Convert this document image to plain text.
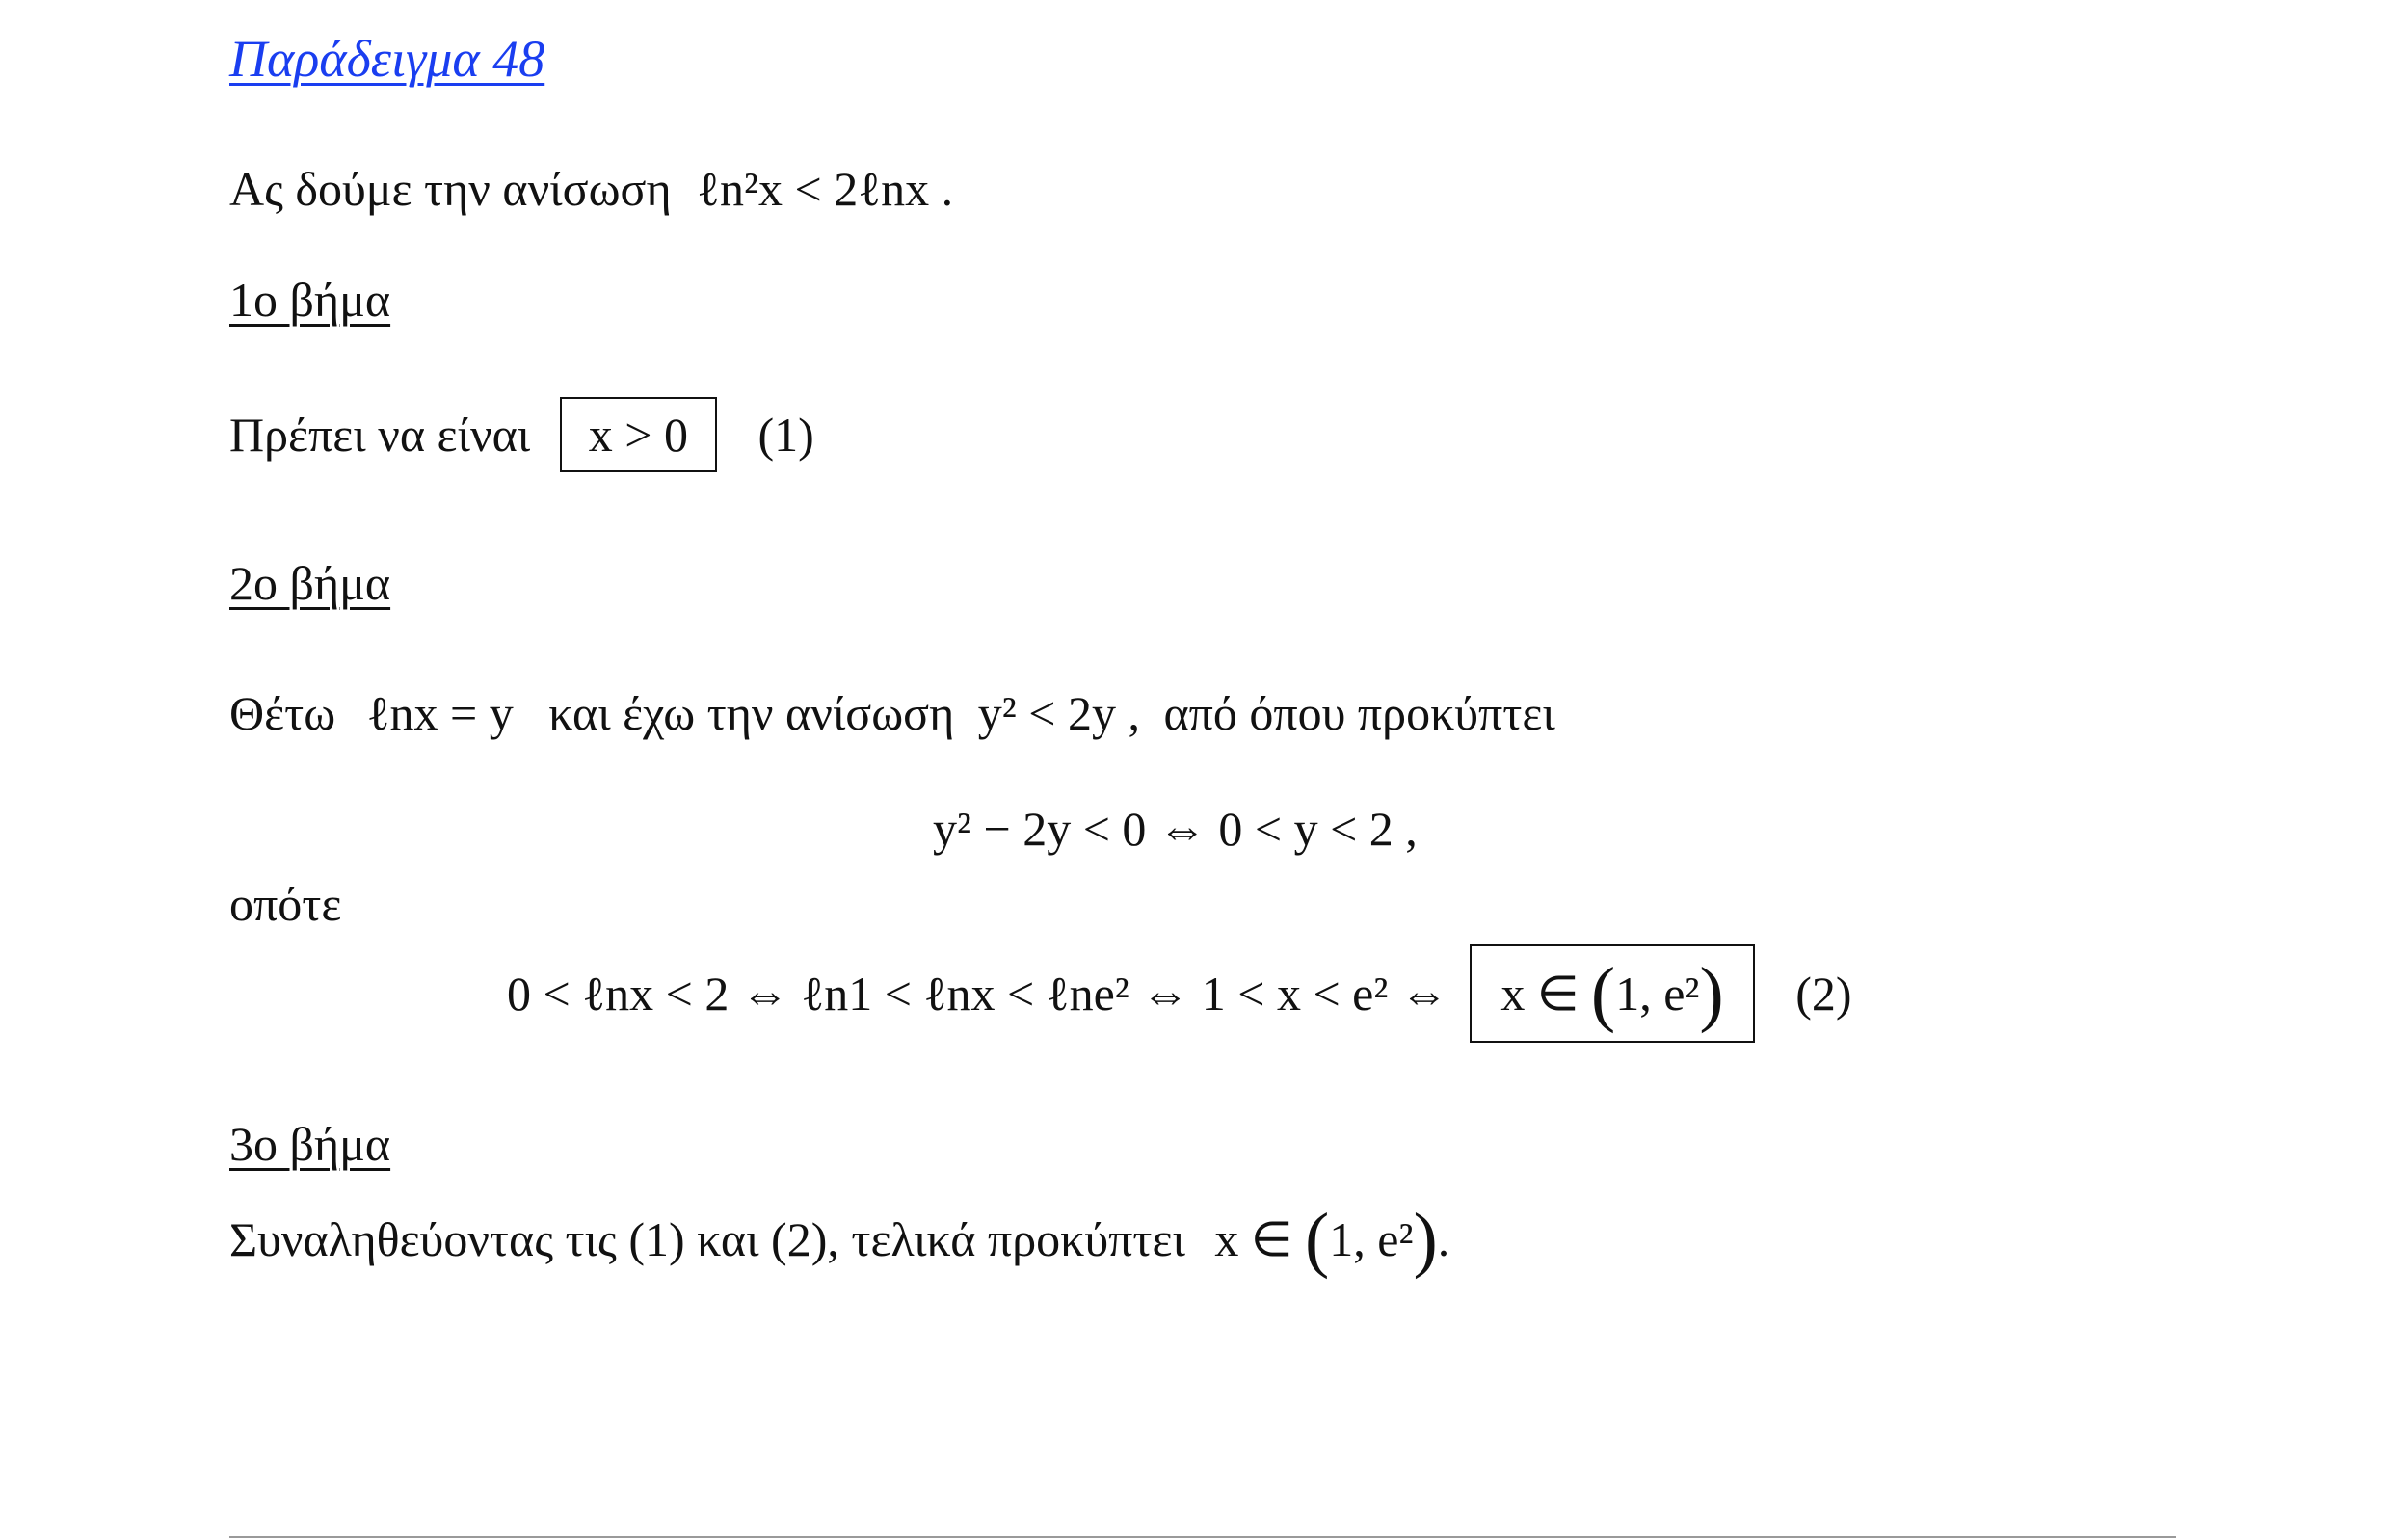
Παράδειγμα 48
Ας δούμε την ανίσωση ℓn²x < 2ℓnx .
1ο βήμα
Πρέπει να είναι x > 0 (1)
2ο βήμα
Θέτω ℓnx = y και έχω την ανίσωση y² < 2y , από όπου προκύπτει
y² − 2y < 0 ⇔ 0 < y < 2 ,
οπότε
0 < ℓnx < 2 ⇔ ℓn1 < ℓnx < ℓne² ⇔ 1 < x < e² ⇔ x ∈ (1, e²) (2)
3ο βήμα
Συναληθεύοντας τις (1) και (2), τελικά προκύπτει x ∈ (1, e²).
